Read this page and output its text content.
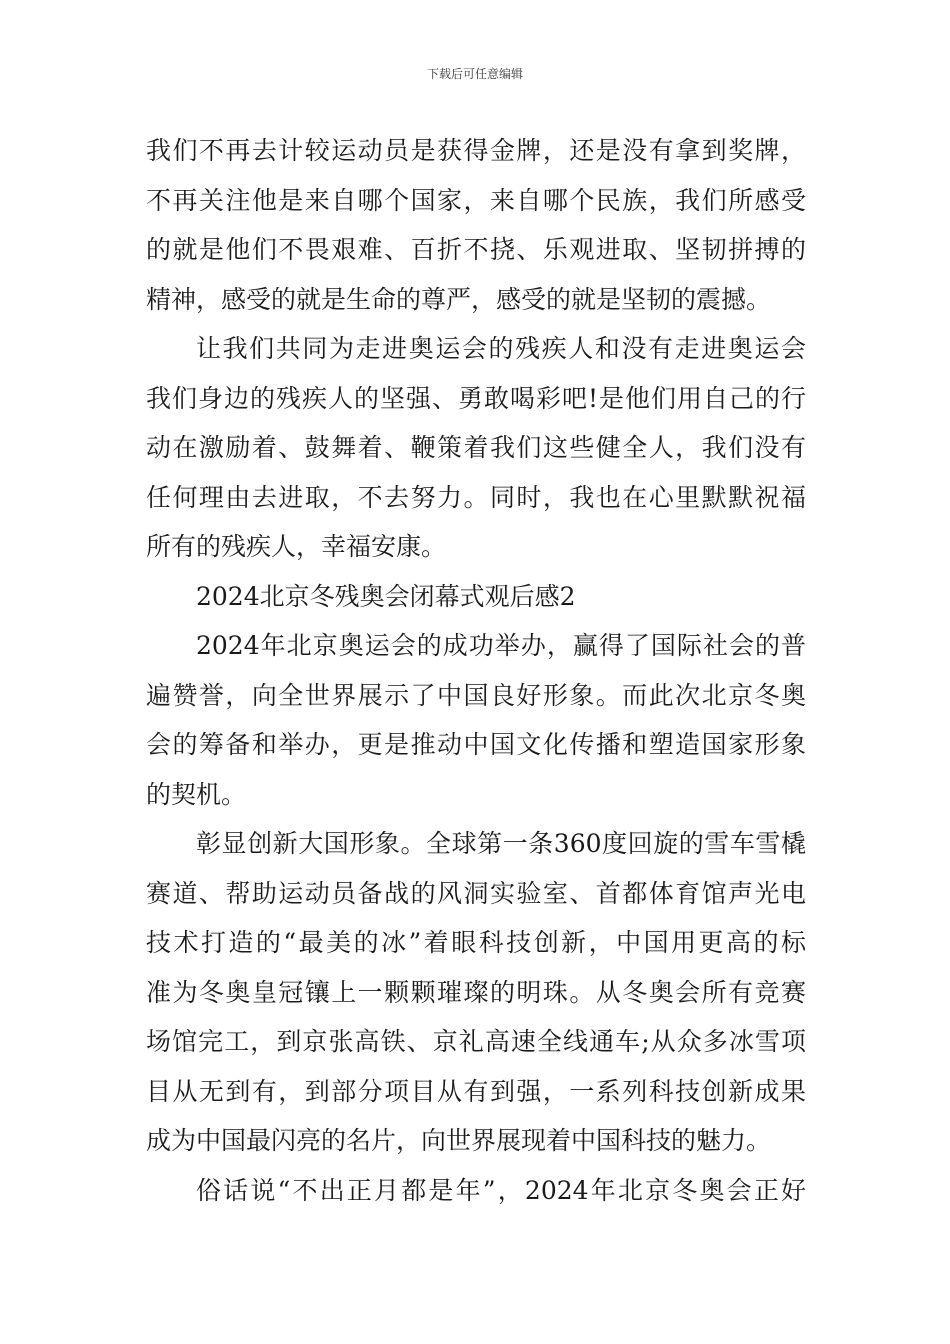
下载后可任意编辑
我们不再去计较运动员是获得金牌，还是没有拿到奖牌，
不再关注他是来自哪个国家，来自哪个民族，我们所感受
的就是他们不畏艰难、百折不挠、乐观进取、坚韧拼搏的
精神，感受的就是生命的尊严，感受的就是坚韧的震撼。
让我们共同为走进奥运会的残疾人和没有走进奥运会
我们身边的残疾人的坚强、勇敢喝彩吧!是他们用自己的行
动在激励着、鼓舞着、鞭策着我们这些健全人，我们没有
任何理由去进取，不去努力。同时，我也在心里默默祝福
所有的残疾人，幸福安康。
2024北京冬残奥会闭幕式观后感2
2024年北京奥运会的成功举办，赢得了国际社会的普
遍赞誉，向全世界展示了中国良好形象。而此次北京冬奥
会的筹备和举办，更是推动中国文化传播和塑造国家形象
的契机。
彰显创新大国形象。全球第一条360度回旋的雪车雪橇
赛道、帮助运动员备战的风洞实验室、首都体育馆声光电
技术打造的“最美的冰”着眼科技创新，中国用更高的标
准为冬奥皇冠镶上一颗颗璀璨的明珠。从冬奥会所有竞赛
场馆完工，到京张高铁、京礼高速全线通车;从众多冰雪项
目从无到有，到部分项目从有到强，一系列科技创新成果
成为中国最闪亮的名片，向世界展现着中国科技的魅力。
俗话说“不出正月都是年”，2024年北京冬奥会正好
